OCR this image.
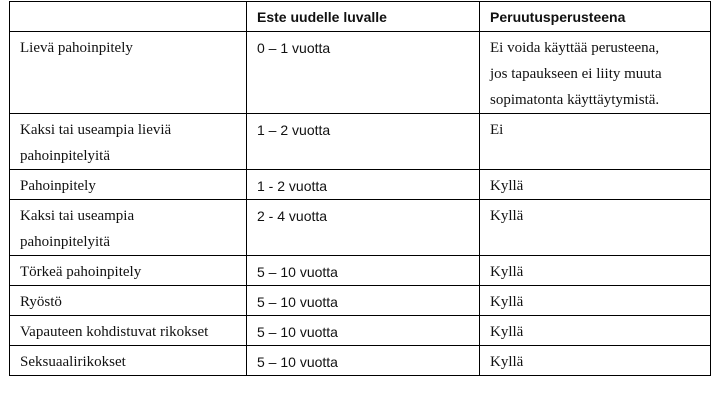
	Este uudelle luvalle	Peruutusperusteena

Lievä pahoinpitely	0 – 1 vuotta	Ei voida käyttää perusteena,
jos tapaukseen ei liity muuta
sopimatonta käyttäytymistä.

Kaksi tai useampia lieviä
pahoinpitelyitä	1 – 2 vuotta	Ei

Pahoinpitely	1 - 2 vuotta	Kyllä

Kaksi tai useampia
pahoinpitelyitä	2 - 4 vuotta	Kyllä

Törkeä pahoinpitely	5 – 10 vuotta	Kyllä

Ryöstö	5 – 10 vuotta	Kyllä

Vapauteen kohdistuvat rikokset	5 – 10 vuotta	Kyllä

Seksuaalirikokset	5 – 10 vuotta	Kyllä
